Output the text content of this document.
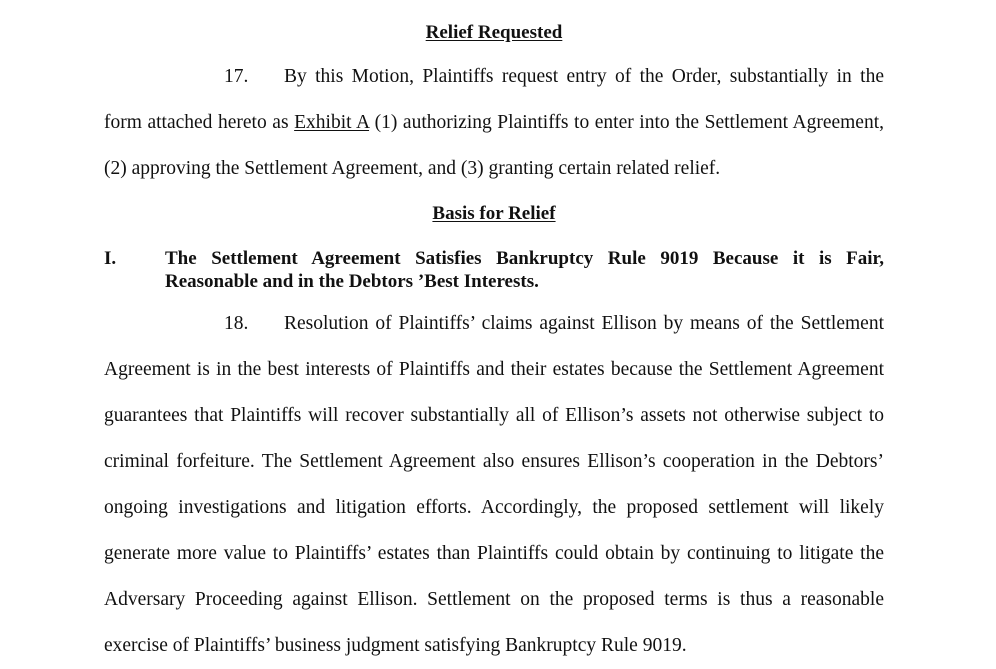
Relief Requested
17. By this Motion, Plaintiffs request entry of the Order, substantially in the
form attached hereto as Exhibit A (1) authorizing Plaintiffs to enter into the Settlement Agreement,
(2) approving the Settlement Agreement, and (3) granting certain related relief.
Basis for Relief
I.	The Settlement Agreement Satisfies Bankruptcy Rule 9019 Because it is Fair,
Reasonable and in the Debtors ’Best Interests.
18. Resolution of Plaintiffs’ claims against Ellison by means of the Settlement
Agreement is in the best interests of Plaintiffs and their estates because the Settlement Agreement
guarantees that Plaintiffs will recover substantially all of Ellison’s assets not otherwise subject to
criminal forfeiture. The Settlement Agreement also ensures Ellison’s cooperation in the Debtors’
ongoing investigations and litigation efforts. Accordingly, the proposed settlement will likely
generate more value to Plaintiffs’ estates than Plaintiffs could obtain by continuing to litigate the
Adversary Proceeding against Ellison. Settlement on the proposed terms is thus a reasonable
exercise of Plaintiffs’ business judgment satisfying Bankruptcy Rule 9019.
